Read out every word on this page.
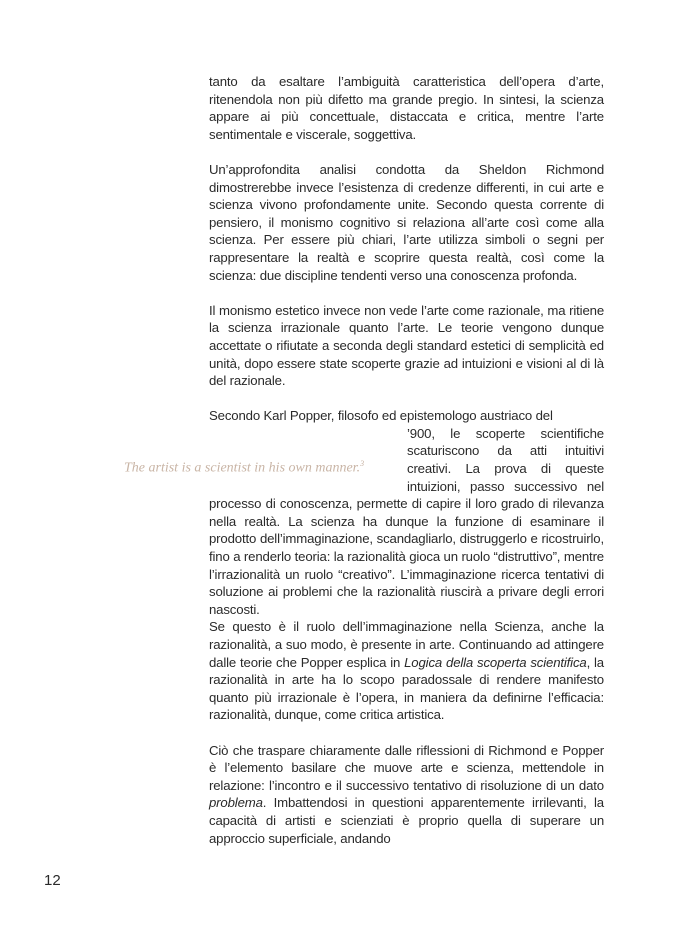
tanto da esaltare l’ambiguità caratteristica dell’opera d’arte, ritenendola non più difetto ma grande pregio. In sintesi, la scienza appare ai più concettuale, distaccata e critica, mentre l’arte sentimentale e viscerale, soggettiva.

Un’approfondita analisi condotta da Sheldon Richmond dimostrerebbe invece l’esistenza di credenze differenti, in cui arte e scienza vivono profondamente unite. Secondo questa corrente di pensiero, il monismo cognitivo si relaziona all’arte così come alla scienza. Per essere più chiari, l’arte utilizza simboli o segni per rappresentare la realtà e scoprire questa realtà, così come la scienza: due discipline tendenti verso una conoscenza profonda.

Il monismo estetico invece non vede l’arte come razionale, ma ritiene la scienza irrazionale quanto l’arte. Le teorie vengono dunque accettate o rifiutate a seconda degli standard estetici di semplicità ed unità, dopo essere state scoperte grazie ad intuizioni e visioni al di là del razionale.

Secondo Karl Popper, filosofo ed epistemologo austriaco del

’900, le scoperte scientifiche scaturiscono da atti intuitivi creativi. La prova di queste intuizioni, passo successivo nel processo di conoscenza, permette di capire il loro grado di rilevanza nella realtà. La scienza ha dunque la funzione di esaminare il prodotto dell’immaginazione, scandagliarlo, distruggerlo e ricostruirlo, fino a renderlo teoria: la razionalità gioca un ruolo “distruttivo”, mentre l’irrazionalità un ruolo “creativo”. L’immaginazione ricerca tentativi di soluzione ai problemi che la razionalità riuscirà a privare degli errori nascosti.

Se questo è il ruolo dell’immaginazione nella Scienza, anche la razionalità, a suo modo, è presente in arte. Continuando ad attingere dalle teorie che Popper esplica in Logica della scoperta scientifica, la razionalità in arte ha lo scopo paradossale di rendere manifesto quanto più irrazionale è l’opera, in maniera da definirne l’efficacia: razionalità, dunque, come critica artistica.

Ciò che traspare chiaramente dalle riflessioni di Richmond e Popper è l’elemento basilare che muove arte e scienza, mettendole in relazione: l’incontro e il successivo tentativo di risoluzione di un dato problema. Imbattendosi in questioni apparentemente irrilevanti, la capacità di artisti e scienziati è proprio quella di superare un approccio superficiale, andando

The artist is a scientist in his own manner.$^3$
12
